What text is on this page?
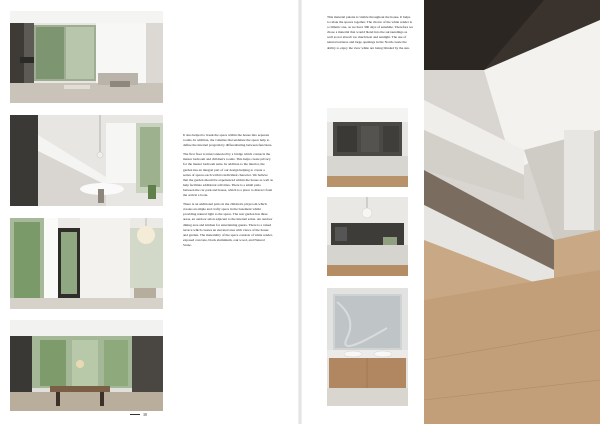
It also helped to break the space within the house into separate rooms. In addition, the volumes that undulate the space help to define the internal program by differentiating between functions.

The first floor is interconnected by a bridge which connects the master bedroom and children's rooms. This helps create privacy for the master bedroom suite. In addition to the interior, the garden has an integral part of our design helping to create a series of spaces each with its individual character. We believe that the garden should be experienced within the house as well as help facilitate additional activities. There is a small patio between the car park and house, which is a place to distract from the arrival a book.

There is an additional patio in the children's playroom which creates an ample and crafty space in the basement whilst providing natural light to the space. The rear garden has three areas, an outdoor salon adjacent to the internal salon. An outdoor dining area and kitchen for entertaining guests. There is a raised terrace which creates an elevated area with views of the house and garden. The materiality of the space consists of white render, exposed concrete, black aluminium, oak wood, and Natural Stone.

38

This material palette is visible throughout the house. It helps to relate the spaces together. The choice of the white render is a climatic one, as we have 300 days of sunshine. Therefore we chose a material that would blend into the surroundings as well as not absorb too much heat and sunlight. The use of natural textures and large openings in the North create the ability to enjoy the view while not being blinded by the sun.
